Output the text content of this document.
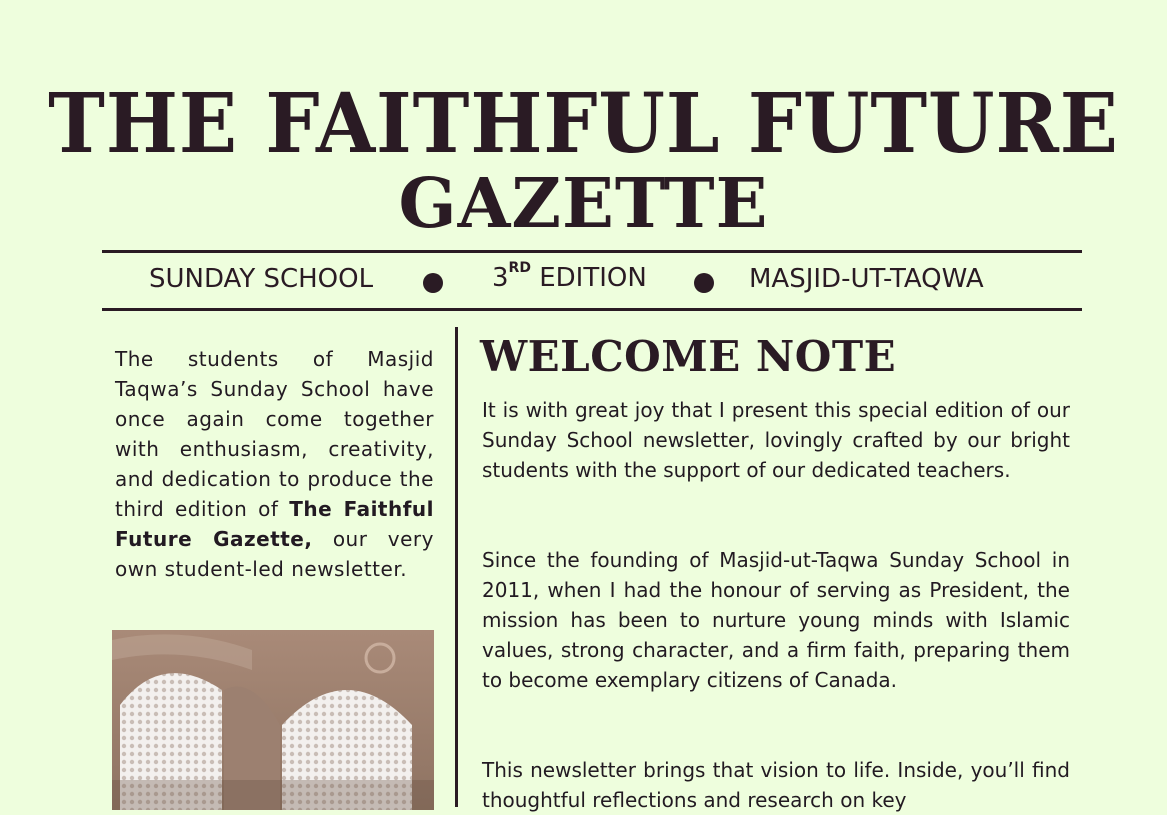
THE FAITHFUL FUTURE
GAZETTE
SUNDAY SCHOOL	3RD EDITION	MASJID-UT-TAQWA

The students of Masjid Taqwa’s Sunday School have once again come together with enthusiasm, creativity, and dedication to produce the third edition of The Faithful Future Gazette, our very own student-led newsletter.

WELCOME NOTE

It is with great joy that I present this special edition of our Sunday School newsletter, lovingly crafted by our bright students with the support of our dedicated teachers.

Since the founding of Masjid-ut-Taqwa Sunday School in 2011, when I had the honour of serving as President, the mission has been to nurture young minds with Islamic values, strong character, and a firm faith, preparing them to become exemplary citizens of Canada.

This newsletter brings that vision to life. Inside, you’ll find thoughtful reflections and research on key
